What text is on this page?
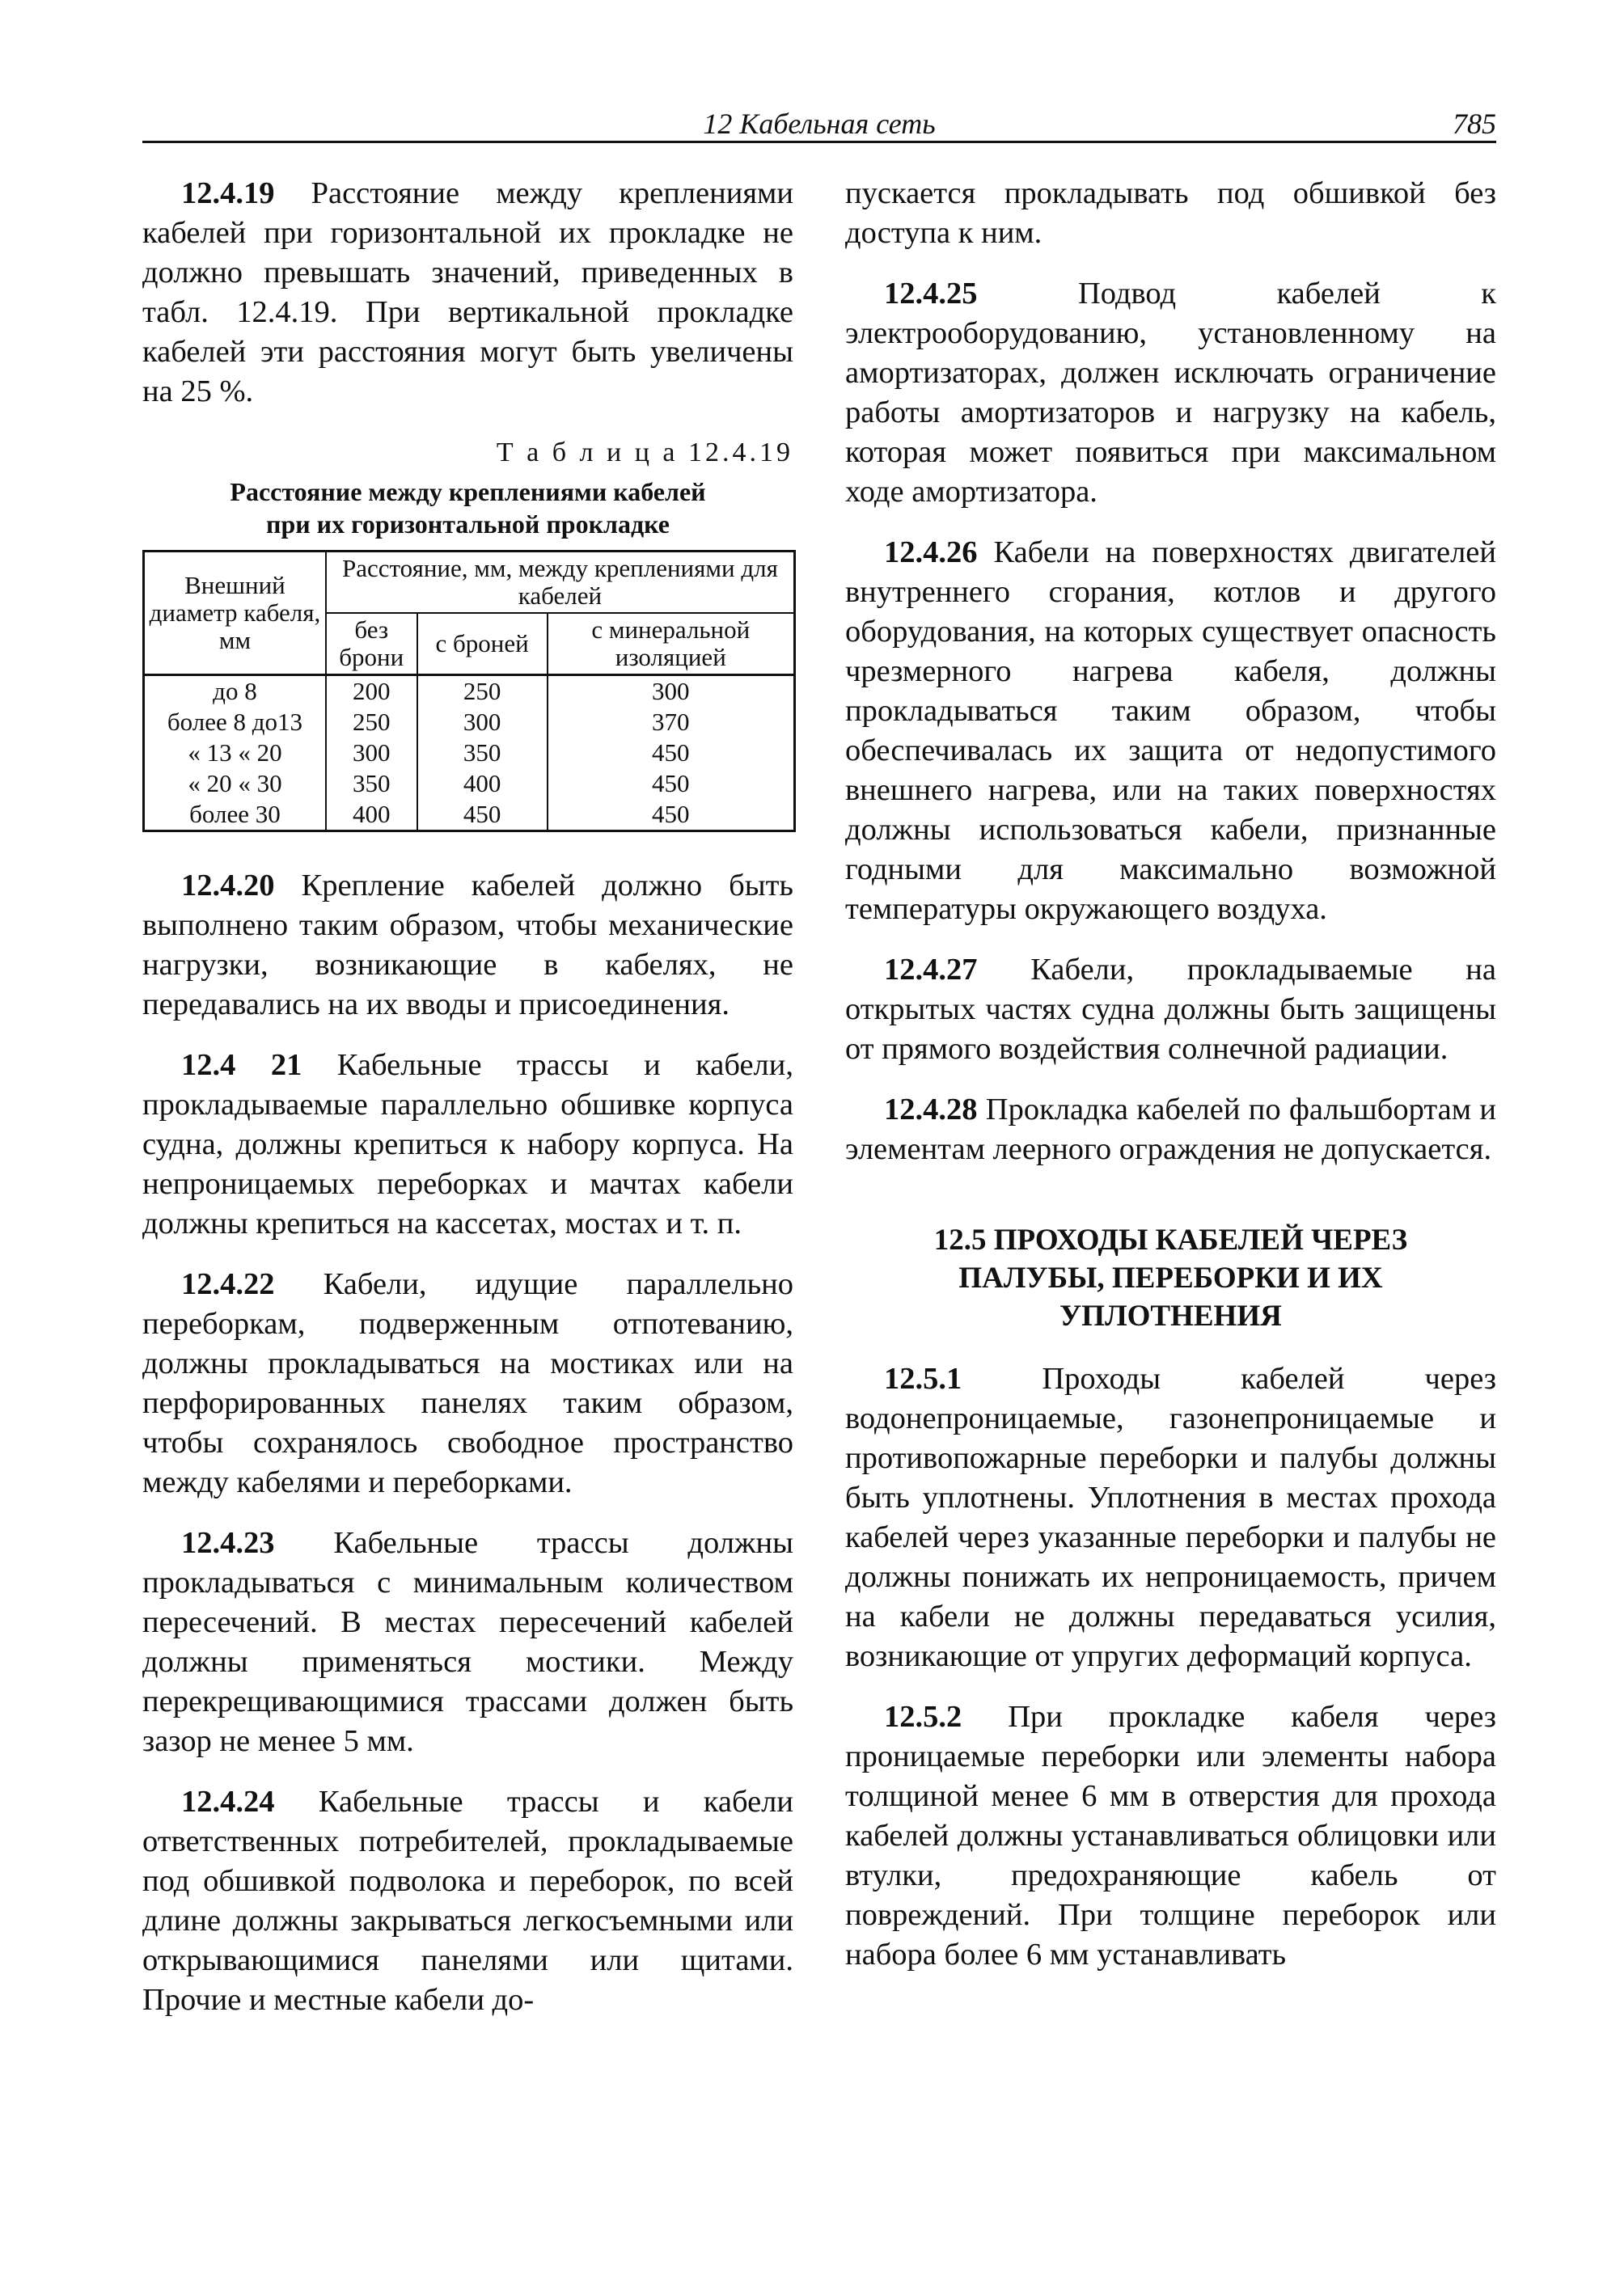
12 Кабельная сеть	785

12.4.19 Расстояние между креплениями кабелей при горизонтальной их прокладке не должно превышать значений, приведенных в табл. 12.4.19. При вертикальной прокладке кабелей эти расстояния могут быть увеличены на 25 %.

Т а б л и ц а 12.4.19
Расстояние между креплениями кабелей
при их горизонтальной прокладке
Внешний диаметр кабеля, мм	Расстояние, мм, между креплениями для кабелей		
	без брони	с броней	с минеральной изоляцией
до 8	200	250	300
более 8 до13	250	300	370
« 13 « 20	300	350	450
« 20 « 30	350	400	450
более 30	400	450	450

12.4.20 Крепление кабелей должно быть выполнено таким образом, чтобы механические нагрузки, возникающие в кабелях, не передавались на их вводы и присоединения.

12.4 21 Кабельные трассы и кабели, прокладываемые параллельно обшивке корпуса судна, должны крепиться к набору корпуса. На непроницаемых переборках и мачтах кабели должны крепиться на кассетах, мостах и т. п.

12.4.22 Кабели, идущие параллельно переборкам, подверженным отпотеванию, должны прокладываться на мостиках или на перфорированных панелях таким образом, чтобы сохранялось свободное пространство между кабелями и переборками.

12.4.23 Кабельные трассы должны прокладываться с минимальным количеством пересечений. В местах пересечений кабелей должны применяться мостики. Между перекрещивающимися трассами должен быть зазор не менее 5 мм.

12.4.24 Кабельные трассы и кабели ответственных потребителей, прокладываемые под обшивкой подволока и переборок, по всей длине должны закрываться легкосъемными или открывающимися панелями или щитами. Прочие и местные кабели до-

пускается прокладывать под обшивкой без доступа к ним.

12.4.25 Подвод кабелей к электрооборудованию, установленному на амортизаторах, должен исключать ограничение работы амортизаторов и нагрузку на кабель, которая может появиться при максимальном ходе амортизатора.

12.4.26 Кабели на поверхностях двигателей внутреннего сгорания, котлов и другого оборудования, на которых существует опасность чрезмерного нагрева кабеля, должны прокладываться таким образом, чтобы обеспечивалась их защита от недопустимого внешнего нагрева, или на таких поверхностях должны использоваться кабели, признанные годными для максимально возможной температуры окружающего воздуха.

12.4.27 Кабели, прокладываемые на открытых частях судна должны быть защищены от прямого воздействия солнечной радиации.

12.4.28 Прокладка кабелей по фальшбортам и элементам леерного ограждения не допускается.

12.5 ПРОХОДЫ КАБЕЛЕЙ ЧЕРЕЗ
ПАЛУБЫ, ПЕРЕБОРКИ И ИХ
УПЛОТНЕНИЯ

12.5.1 Проходы кабелей через водонепроницаемые, газонепроницаемые и противопожарные переборки и палубы должны быть уплотнены. Уплотнения в местах прохода кабелей через указанные переборки и палубы не должны понижать их непроницаемость, причем на кабели не должны передаваться усилия, возникающие от упругих деформаций корпуса.

12.5.2 При прокладке кабеля через проницаемые переборки или элементы набора толщиной менее 6 мм в отверстия для прохода кабелей должны устанавливаться облицовки или втулки, предохраняющие кабель от повреждений. При толщине переборок или набора более 6 мм устанавливать
